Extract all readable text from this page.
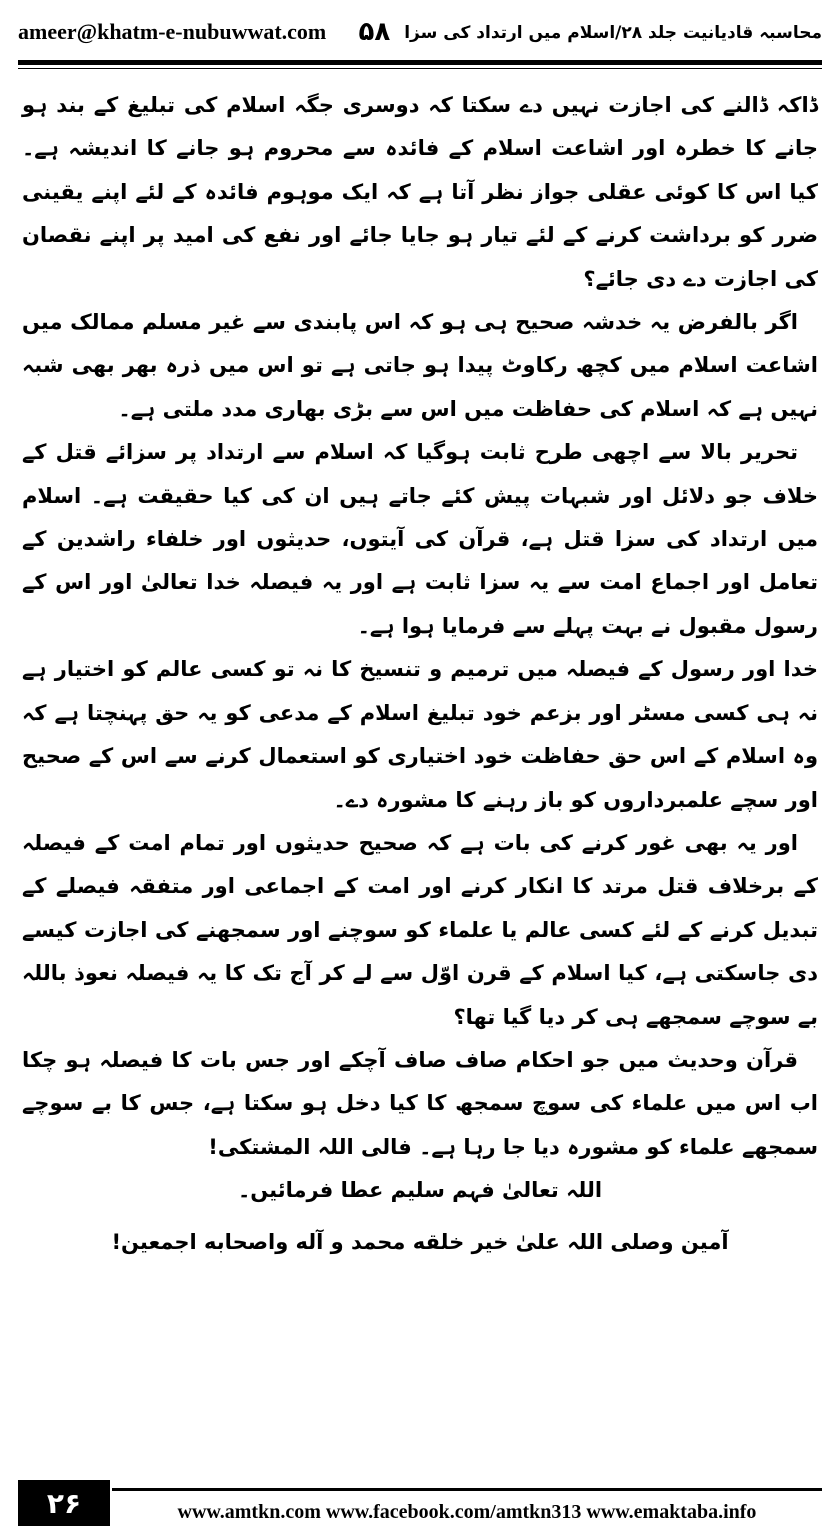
ameer@khatm-e-nubuwwat.com	محاسبہ قادیانیت جلد ۲۸/اسلام میں ارتداد کی سزا
۵۸

ڈاکہ ڈالنے کی اجازت نہیں دے سکتا کہ دوسری جگہ اسلام کی تبلیغ کے بند ہو جانے کا خطرہ اور اشاعت اسلام کے فائدہ سے محروم ہو جانے کا اندیشہ ہے۔ کیا اس کا کوئی عقلی جواز نظر آتا ہے کہ ایک موہوم فائدہ کے لئے اپنے یقینی ضرر کو برداشت کرنے کے لئے تیار ہو جایا جائے اور نفع کی امید پر اپنے نقصان کی اجازت دے دی جائے؟

اگر بالفرض یہ خدشہ صحیح ہی ہو کہ اس پابندی سے غیر مسلم ممالک میں اشاعت اسلام میں کچھ رکاوٹ پیدا ہو جاتی ہے تو اس میں ذرہ بھر بھی شبہ نہیں ہے کہ اسلام کی حفاظت میں اس سے بڑی بھاری مدد ملتی ہے۔

تحریر بالا سے اچھی طرح ثابت ہوگیا کہ اسلام سے ارتداد پر سزائے قتل کے خلاف جو دلائل اور شبہات پیش کئے جاتے ہیں ان کی کیا حقیقت ہے۔ اسلام میں ارتداد کی سزا قتل ہے، قرآن کی آیتوں، حدیثوں اور خلفاء راشدین کے تعامل اور اجماع امت سے یہ سزا ثابت ہے اور یہ فیصلہ خدا تعالیٰ اور اس کے رسول مقبول نے بہت پہلے سے فرمایا ہوا ہے۔

خدا اور رسول کے فیصلہ میں ترمیم و تنسیخ کا نہ تو کسی عالم کو اختیار ہے نہ ہی کسی مسٹر اور بزعم خود تبلیغ اسلام کے مدعی کو یہ حق پہنچتا ہے کہ وہ اسلام کے اس حق حفاظت خود اختیاری کو استعمال کرنے سے اس کے صحیح اور سچے علمبرداروں کو باز رہنے کا مشورہ دے۔

اور یہ بھی غور کرنے کی بات ہے کہ صحیح حدیثوں اور تمام امت کے فیصلہ کے برخلاف قتل مرتد کا انکار کرنے اور امت کے اجماعی اور متفقہ فیصلے کے تبدیل کرنے کے لئے کسی عالم یا علماء کو سوچنے اور سمجھنے کی اجازت کیسے دی جاسکتی ہے، کیا اسلام کے قرن اوّل سے لے کر آج تک کا یہ فیصلہ نعوذ باللہ بے سوچے سمجھے ہی کر دیا گیا تھا؟

قرآن وحدیث میں جو احکام صاف صاف آچکے اور جس بات کا فیصلہ ہو چکا اب اس میں علماء کی سوچ سمجھ کا کیا دخل ہو سکتا ہے، جس کا بے سوچے سمجھے علماء کو مشورہ دیا جا رہا ہے۔ فالی اللہ المشتکی!

اللہ تعالیٰ فہم سلیم عطا فرمائیں۔

آمین وصلی اللہ علیٰ خیر خلقه محمد و آله واصحابه اجمعین!

۲۶	www.amtkn.com www.facebook.com/amtkn313 www.emaktaba.info
